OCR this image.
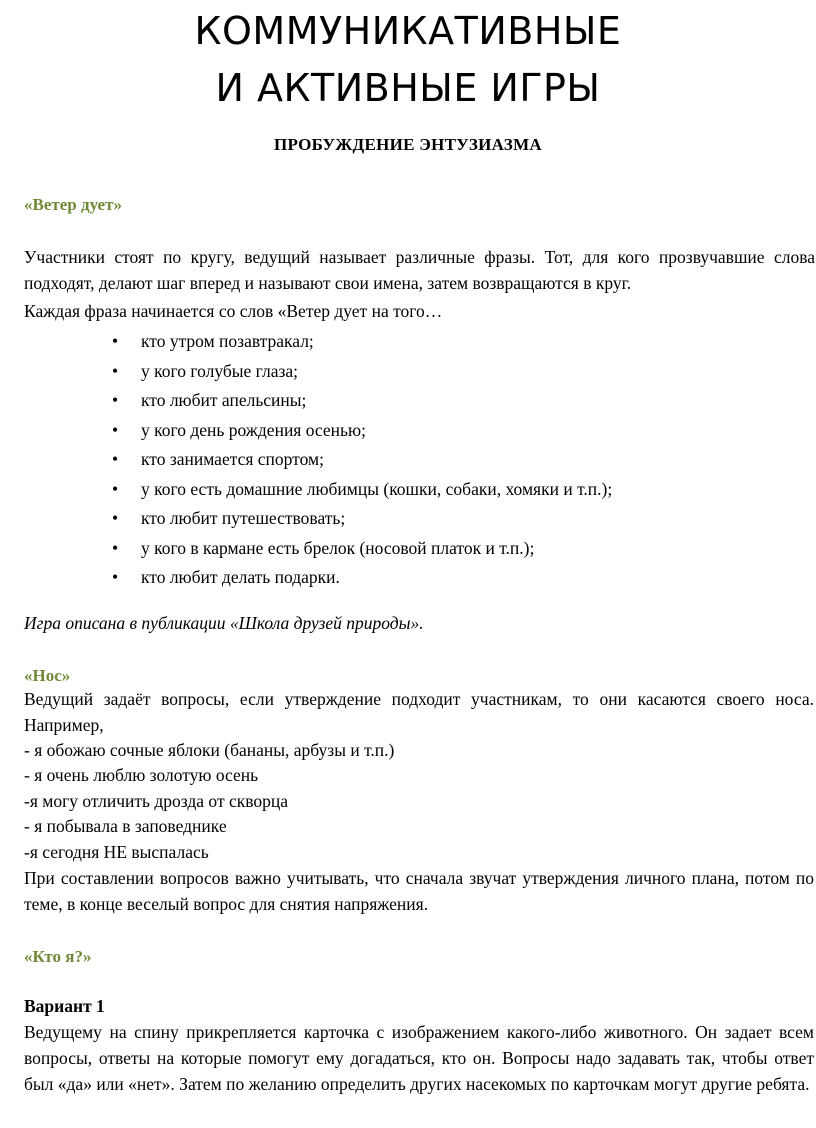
КОММУНИКАТИВНЫЕ
И АКТИВНЫЕ ИГРЫ
ПРОБУЖДЕНИЕ ЭНТУЗИАЗМА
«Ветер дует»

Участники стоят по кругу, ведущий называет различные фразы. Тот, для кого прозвучавшие слова подходят, делают шаг вперед и называют свои имена, затем возвращаются в круг.

Каждая фраза начинается со слов «Ветер дует на того…

• кто утром позавтракал;
• у кого голубые глаза;
• кто любит апельсины;
• у кого день рождения осенью;
• кто занимается спортом;
• у кого есть домашние любимцы (кошки, собаки, хомяки и т.п.);
• кто любит путешествовать;
• у кого в кармане есть брелок (носовой платок и т.п.);
• кто любит делать подарки.

Игра описана в публикации «Школа друзей природы».

«Нос»

Ведущий задаёт вопросы, если утверждение подходит участникам, то они касаются своего носа. Например,

- я обожаю сочные яблоки (бананы, арбузы и т.п.)

- я очень люблю золотую осень

-я могу отличить дрозда от скворца

- я побывала в заповеднике

-я сегодня НЕ выспалась

При составлении вопросов важно учитывать, что сначала звучат утверждения личного плана, потом по теме, в конце веселый вопрос для снятия напряжения.

«Кто я?»
Вариант 1

Ведущему на спину прикрепляется карточка с изображением какого-либо животного. Он задает всем вопросы, ответы на которые помогут ему догадаться, кто он. Вопросы надо задавать так, чтобы ответ был «да» или «нет». Затем по желанию определить других насекомых по карточкам могут другие ребята.
